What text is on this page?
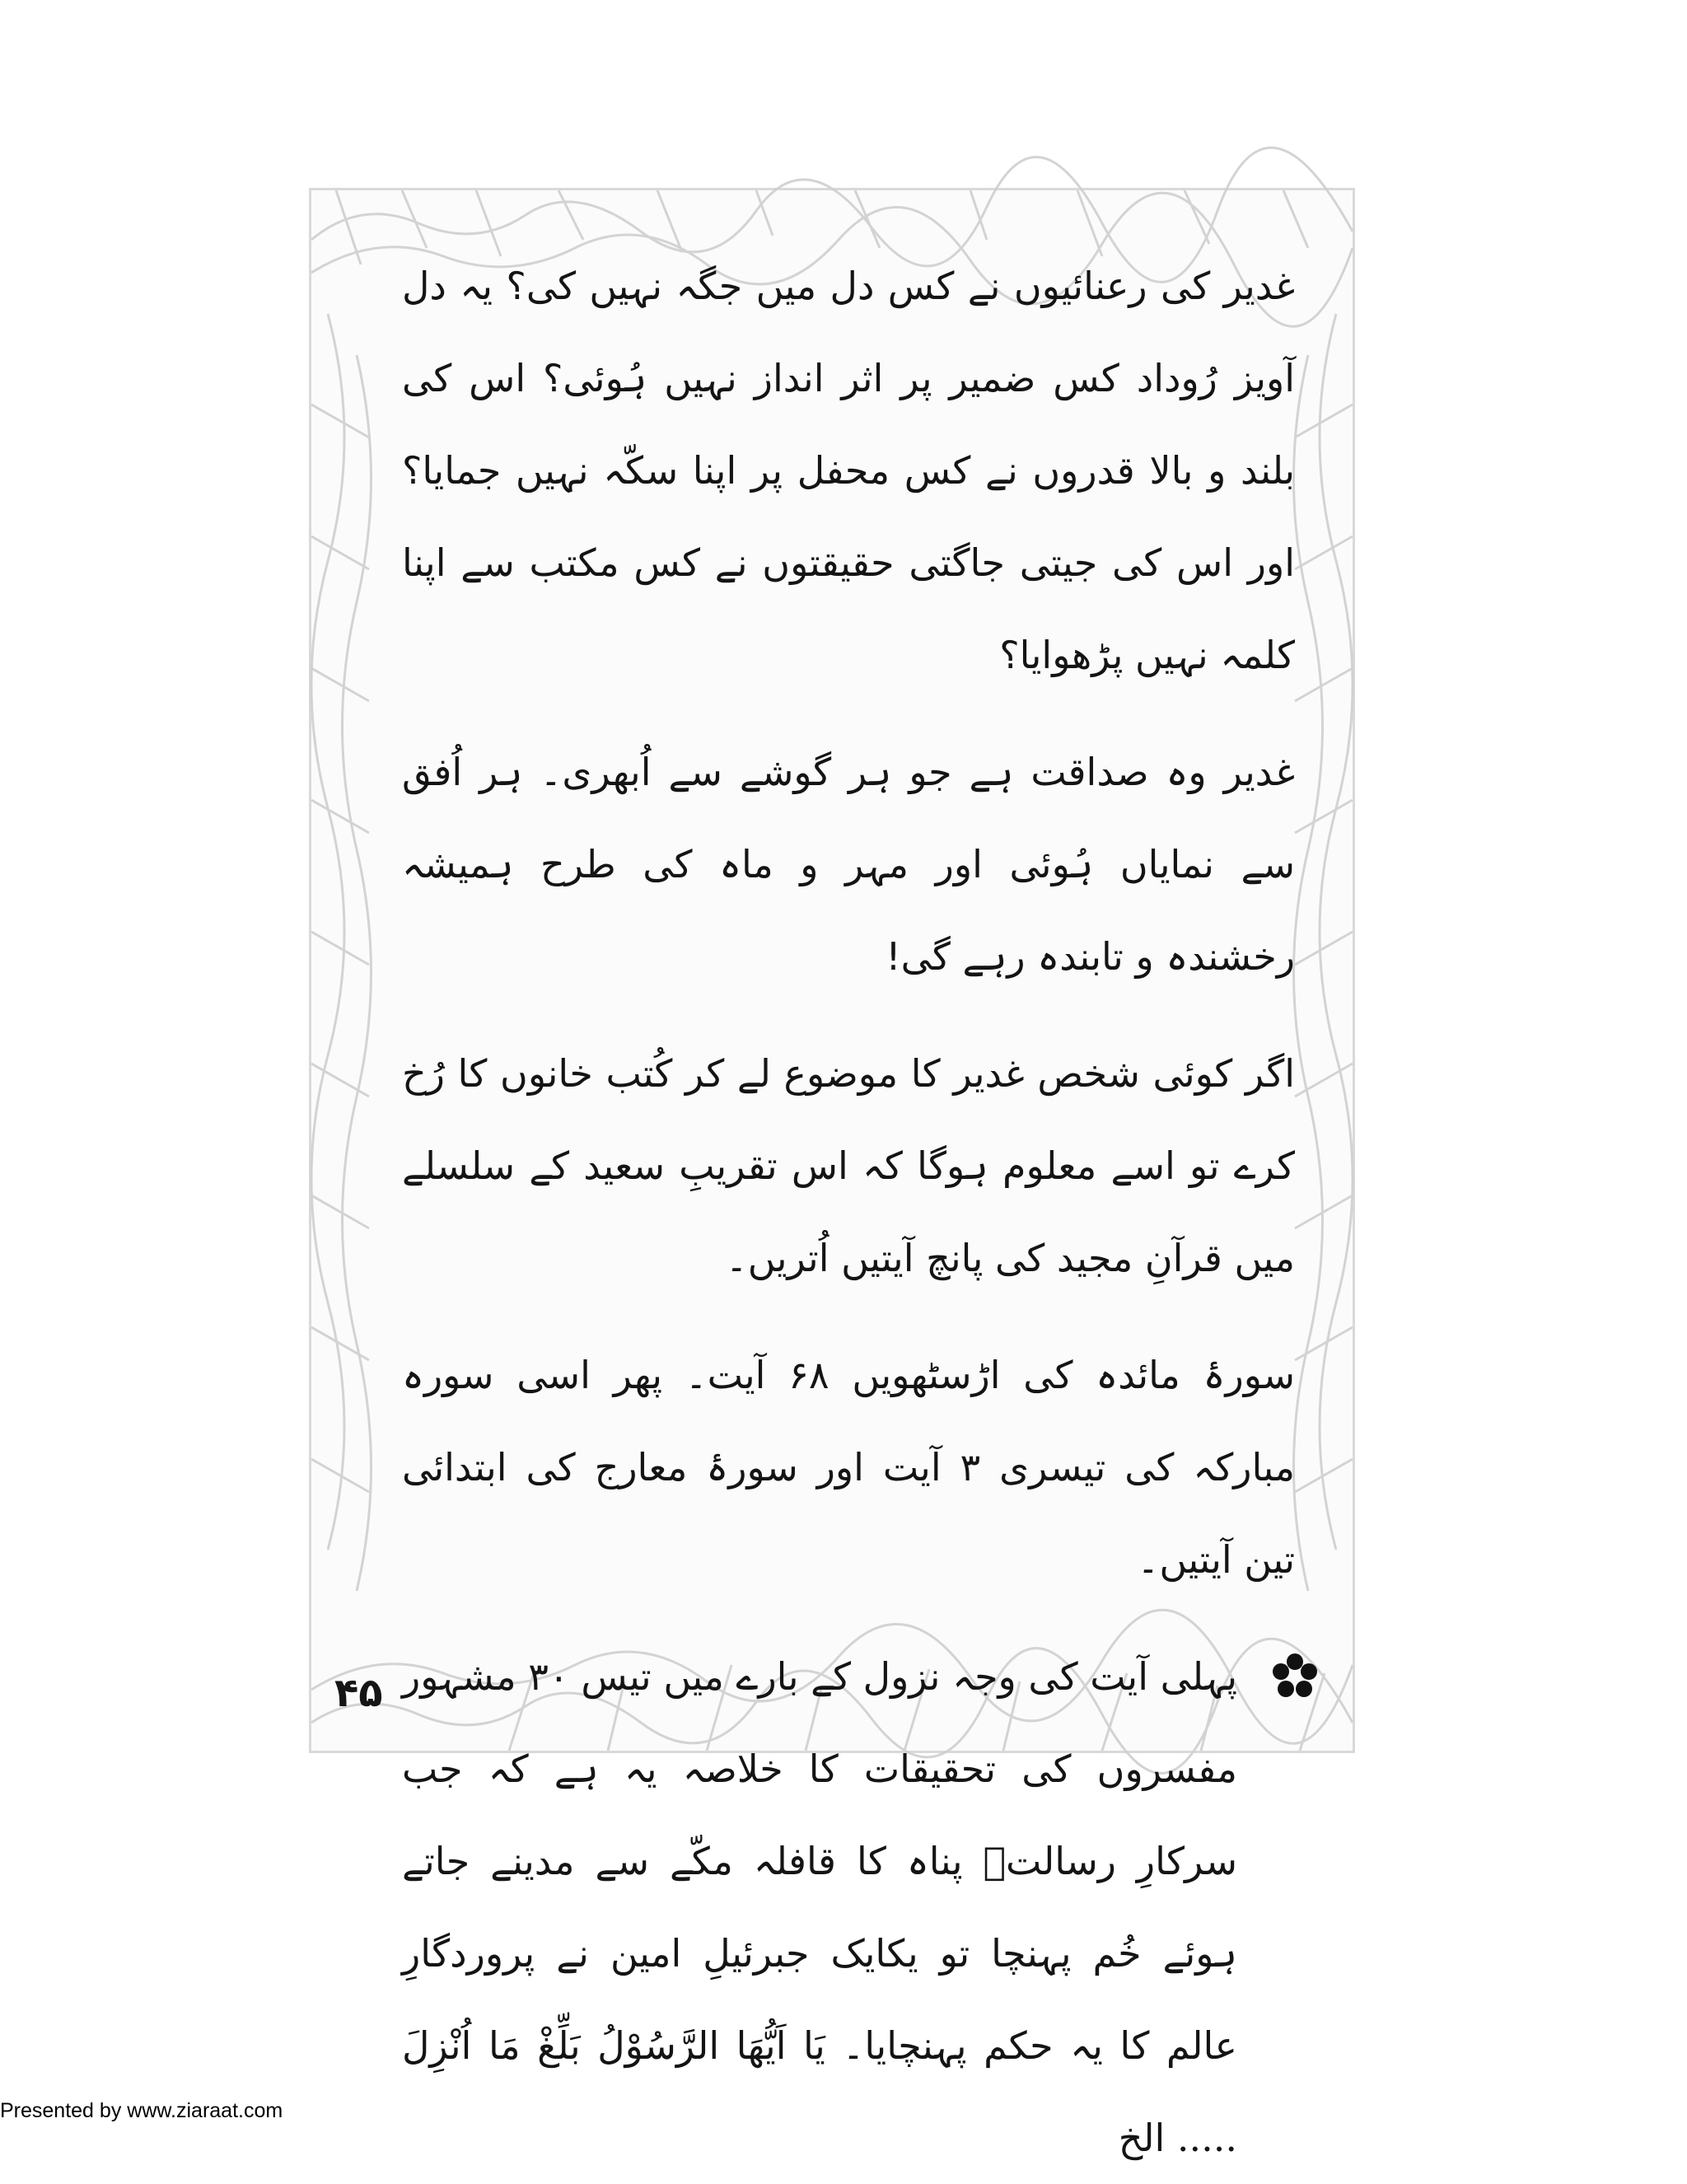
غدیر کی رعنائیوں نے کس دل میں جگہ نہیں کی؟ یہ دل آویز رُوداد کس ضمیر پر اثر انداز نہیں ہُوئی؟ اس کی بلند و بالا قدروں نے کس محفل پر اپنا سکّہ نہیں جمایا؟ اور اس کی جیتی جاگتی حقیقتوں نے کس مکتب سے اپنا کلمہ نہیں پڑھوایا؟

غدیر وہ صداقت ہے جو ہر گوشے سے اُبھری۔ ہر اُفق سے نمایاں ہُوئی اور مہر و ماہ کی طرح ہمیشہ رخشندہ و تابندہ رہے گی!

اگر کوئی شخص غدیر کا موضوع لے کر کُتب خانوں کا رُخ کرے تو اسے معلوم ہوگا کہ اس تقریبِ سعید کے سلسلے میں قرآنِ مجید کی پانچ آیتیں اُتریں۔

سورۂ مائدہ کی اڑسٹھویں ۶۸ آیت۔ پھر اسی سورہ مبارکہ کی تیسری ۳ آیت اور سورۂ معارج کی ابتدائی تین آیتیں۔

پہلی آیت کی وجہ نزول کے بارے میں تیس ۳۰ مشہور مفسروں کی تحقیقات کا خلاصہ یہ ہے کہ جب سرکارِ رسالتؐ پناہ کا قافلہ مکّے سے مدینے جاتے ہوئے خُم پہنچا تو یکایک جبرئیلِ امین نے پروردگارِ عالم کا یہ حکم پہنچایا۔ یَا اَیُّھَا الرَّسُوْلُ بَلِّغْ مَا اُنْزِلَ ..... الخ

۴۵
Presented by www.ziaraat.com
